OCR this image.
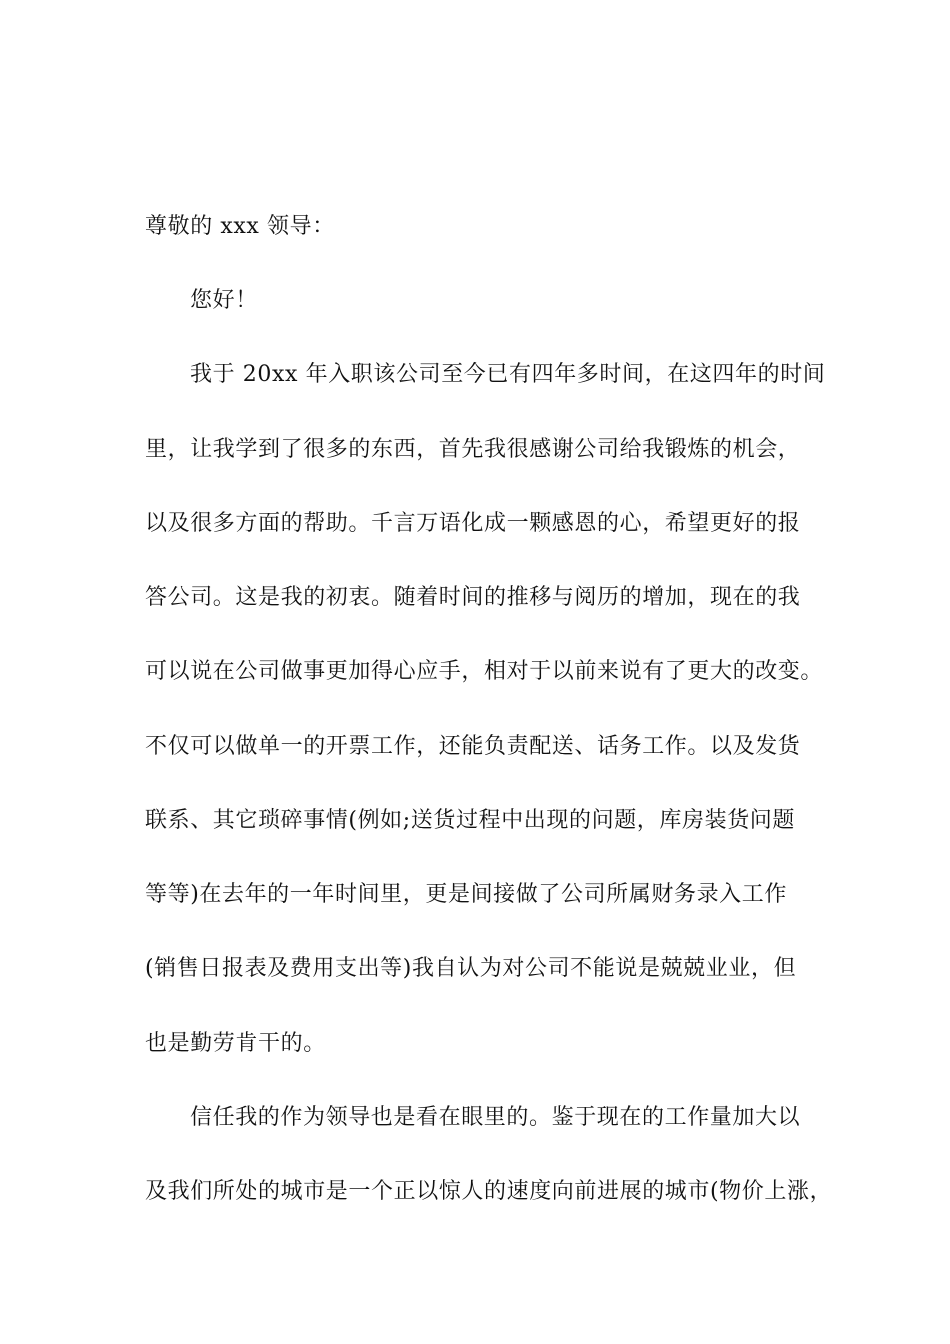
尊敬的 xxx 领导：
您好！
我于 20xx 年入职该公司至今已有四年多时间，在这四年的时间
里，让我学到了很多的东西，首先我很感谢公司给我锻炼的机会，
以及很多方面的帮助。千言万语化成一颗感恩的心，希望更好的报
答公司。这是我的初衷。随着时间的推移与阅历的增加，现在的我
可以说在公司做事更加得心应手，相对于以前来说有了更大的改变。
不仅可以做单一的开票工作，还能负责配送、话务工作。以及发货
联系、其它琐碎事情(例如;送货过程中出现的问题，库房装货问题
等等)在去年的一年时间里，更是间接做了公司所属财务录入工作
(销售日报表及费用支出等)我自认为对公司不能说是兢兢业业，但
也是勤劳肯干的。
信任我的作为领导也是看在眼里的。鉴于现在的工作量加大以
及我们所处的城市是一个正以惊人的速度向前进展的城市(物价上涨，
